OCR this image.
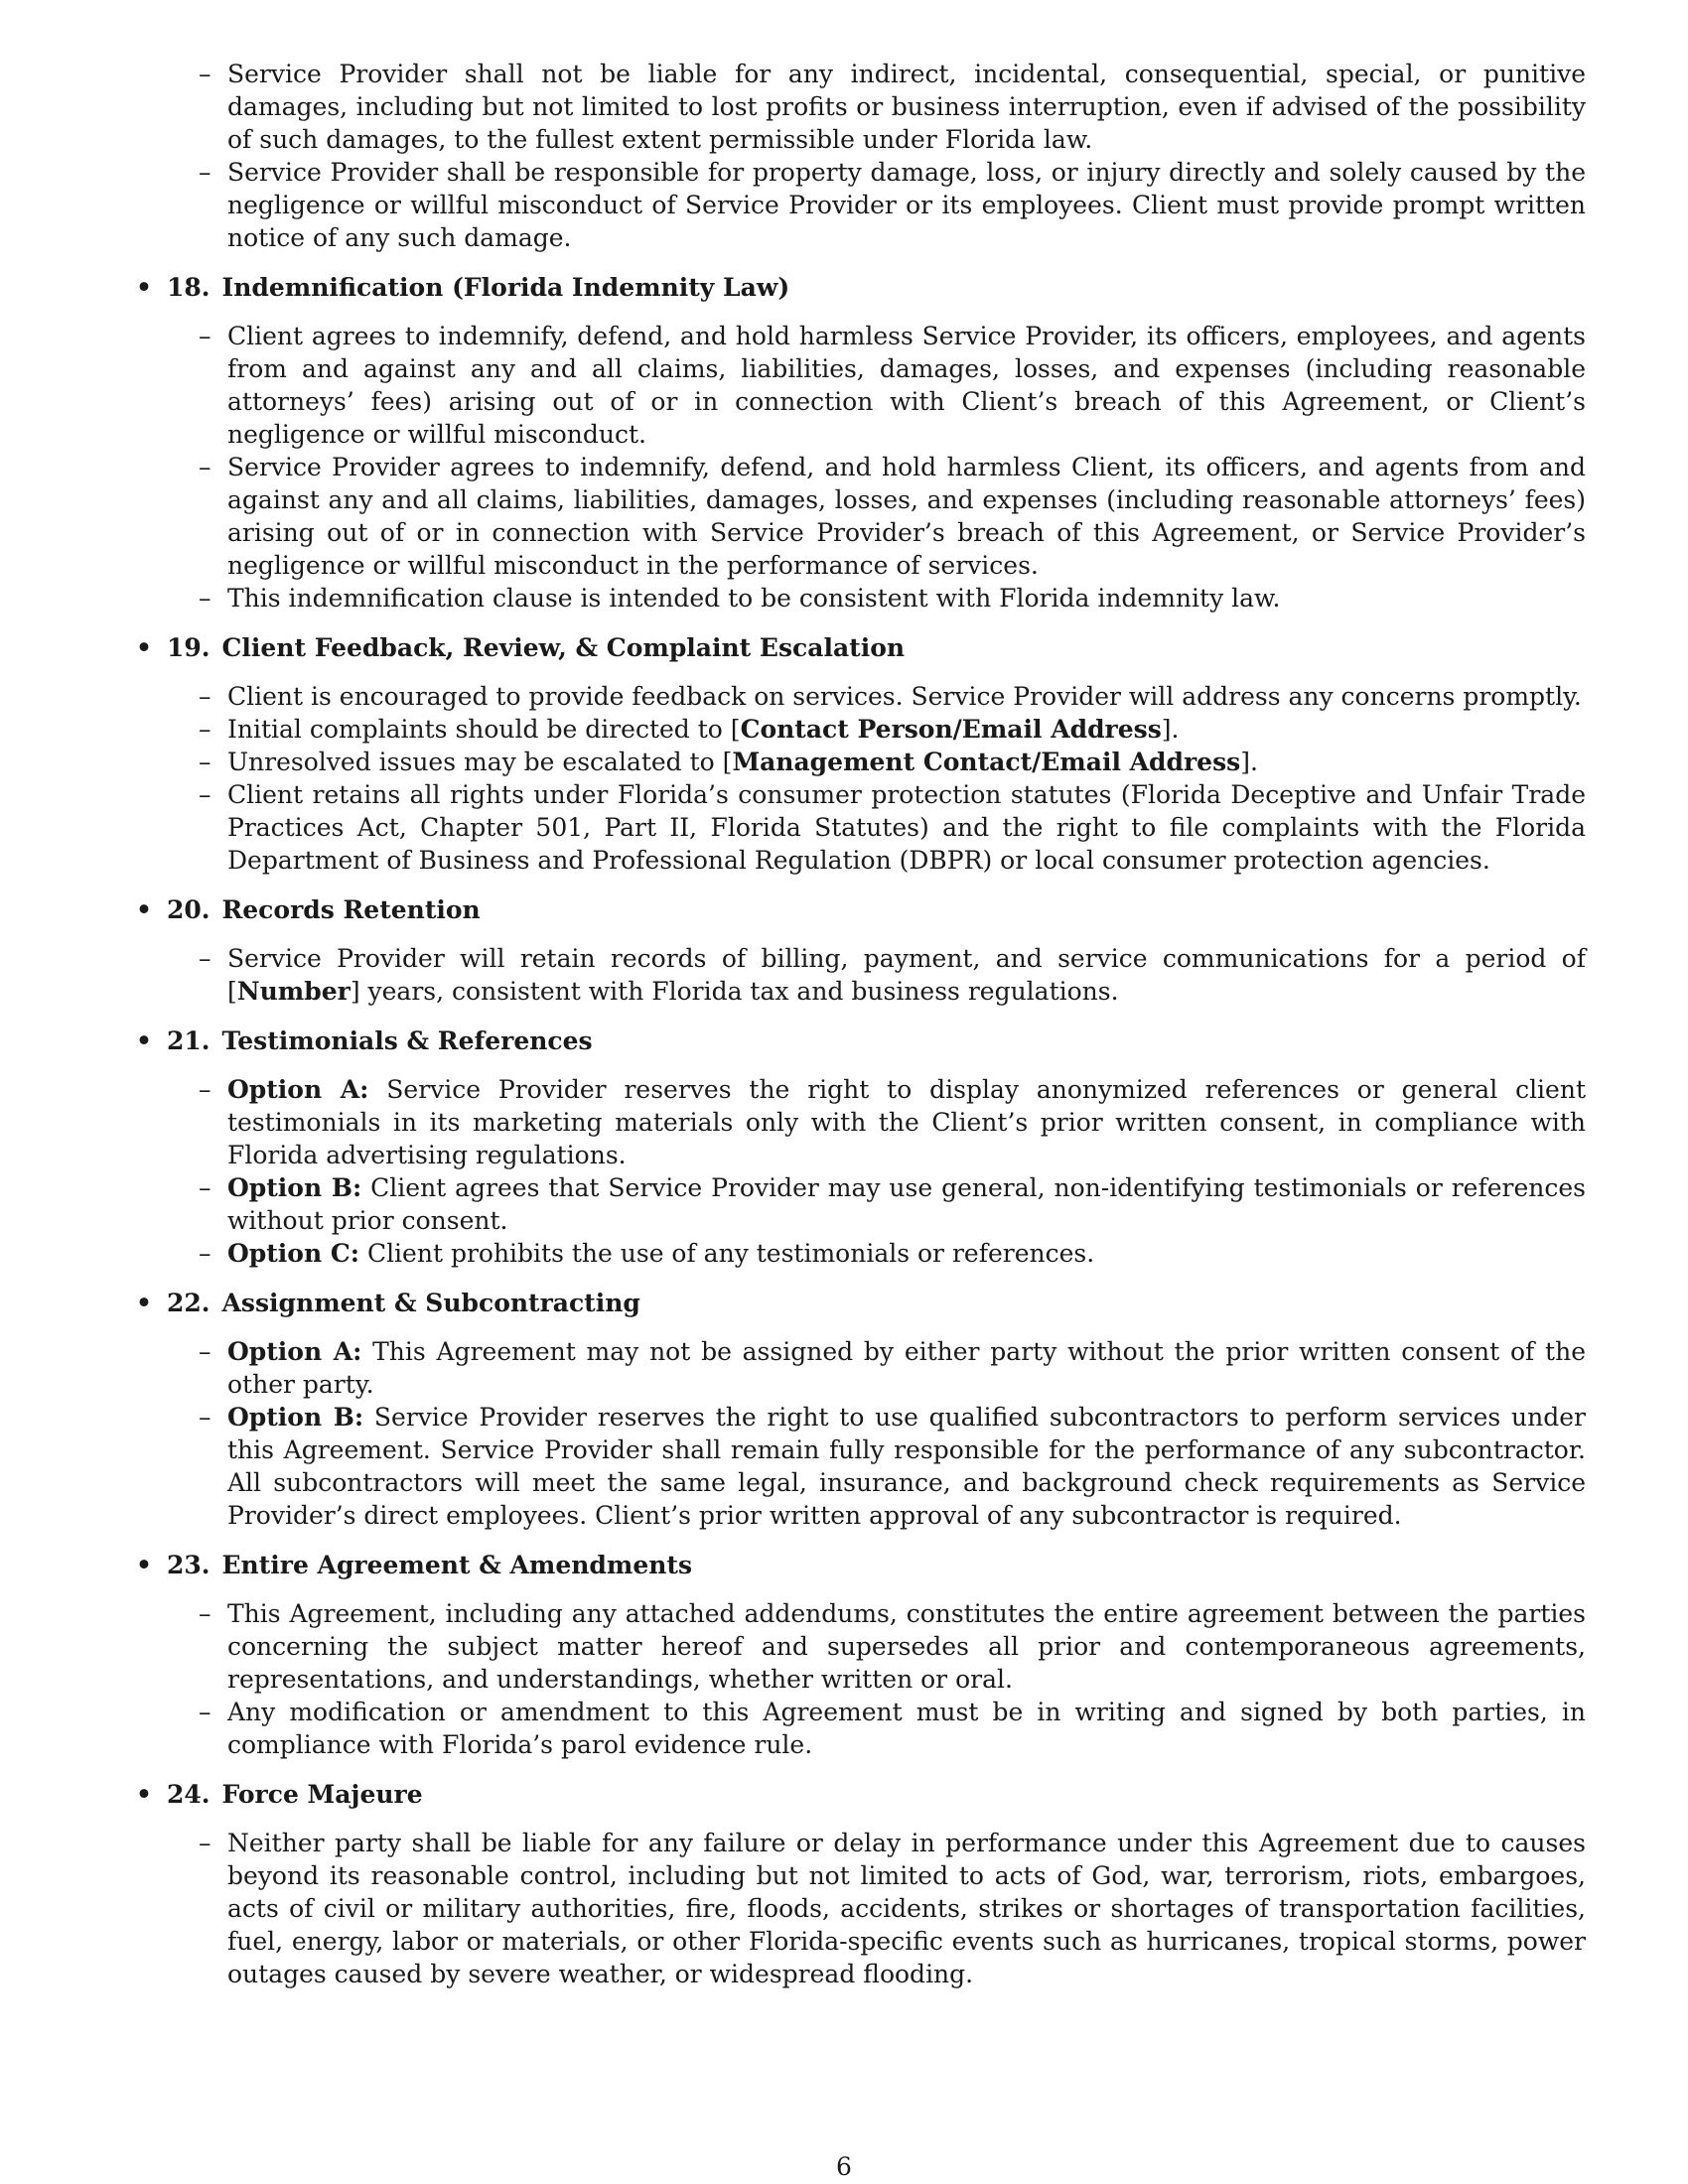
– Service Provider shall not be liable for any indirect, incidental, consequential, special, or punitive damages, including but not limited to lost profits or business interruption, even if advised of the possibility of such damages, to the fullest extent permissible under Florida law.
– Service Provider shall be responsible for property damage, loss, or injury directly and solely caused by the negligence or willful misconduct of Service Provider or its employees. Client must provide prompt written notice of any such damage.
• 18. Indemnification (Florida Indemnity Law)
– Client agrees to indemnify, defend, and hold harmless Service Provider, its officers, employees, and agents from and against any and all claims, liabilities, damages, losses, and expenses (including reasonable attorneys’ fees) arising out of or in connection with Client’s breach of this Agreement, or Client’s negligence or willful misconduct.
– Service Provider agrees to indemnify, defend, and hold harmless Client, its officers, and agents from and against any and all claims, liabilities, damages, losses, and expenses (including reasonable attorneys’ fees) arising out of or in connection with Service Provider’s breach of this Agreement, or Service Provider’s negligence or willful misconduct in the performance of services.
– This indemnification clause is intended to be consistent with Florida indemnity law.
• 19. Client Feedback, Review, & Complaint Escalation
– Client is encouraged to provide feedback on services. Service Provider will address any concerns promptly.
– Initial complaints should be directed to [Contact Person/Email Address].
– Unresolved issues may be escalated to [Management Contact/Email Address].
– Client retains all rights under Florida’s consumer protection statutes (Florida Deceptive and Unfair Trade Practices Act, Chapter 501, Part II, Florida Statutes) and the right to file complaints with the Florida Department of Business and Professional Regulation (DBPR) or local consumer protection agencies.
• 20. Records Retention
– Service Provider will retain records of billing, payment, and service communications for a period of [Number] years, consistent with Florida tax and business regulations.
• 21. Testimonials & References
– Option A: Service Provider reserves the right to display anonymized references or general client testimonials in its marketing materials only with the Client’s prior written consent, in compliance with Florida advertising regulations.
– Option B: Client agrees that Service Provider may use general, non-identifying testimonials or references without prior consent.
– Option C: Client prohibits the use of any testimonials or references.
• 22. Assignment & Subcontracting
– Option A: This Agreement may not be assigned by either party without the prior written consent of the other party.
– Option B: Service Provider reserves the right to use qualified subcontractors to perform services under this Agreement. Service Provider shall remain fully responsible for the performance of any subcontractor. All subcontractors will meet the same legal, insurance, and background check requirements as Service Provider’s direct employees. Client’s prior written approval of any subcontractor is required.
• 23. Entire Agreement & Amendments
– This Agreement, including any attached addendums, constitutes the entire agreement between the parties concerning the subject matter hereof and supersedes all prior and contemporaneous agreements, representations, and understandings, whether written or oral.
– Any modification or amendment to this Agreement must be in writing and signed by both parties, in compliance with Florida’s parol evidence rule.
• 24. Force Majeure
– Neither party shall be liable for any failure or delay in performance under this Agreement due to causes beyond its reasonable control, including but not limited to acts of God, war, terrorism, riots, embargoes, acts of civil or military authorities, fire, floods, accidents, strikes or shortages of transportation facilities, fuel, energy, labor or materials, or other Florida-specific events such as hurricanes, tropical storms, power outages caused by severe weather, or widespread flooding.
6
